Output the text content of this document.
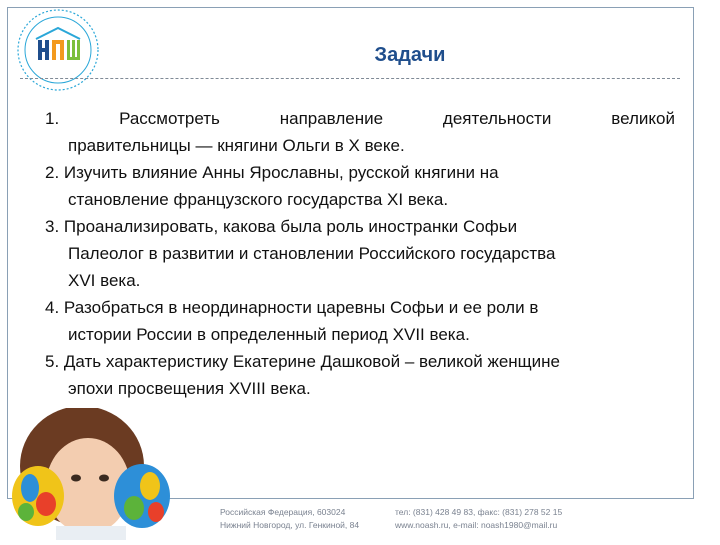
Задачи
1.	Рассмотреть направление деятельности великой
правительницы — княгини Ольги в X веке.
2. Изучить влияние Анны Ярославны, русской княгини на
становление французского государства XI века.
3. Проанализировать, какова была роль иностранки Софьи
Палеолог в развитии и становлении Российского государства
XVI века.
4. Разобраться в неординарности царевны Софьи и ее роли в
истории России в определенный период XVII века.
5. Дать характеристику Екатерине Дашковой – великой женщине
эпохи просвещения XVIII века.
Российская Федерация, 603024
Нижний Новгород, ул. Генкиной, 84
тел: (831) 428 49 83, факс: (831) 278 52 15
www.noash.ru, e-mail: noash1980@mail.ru
